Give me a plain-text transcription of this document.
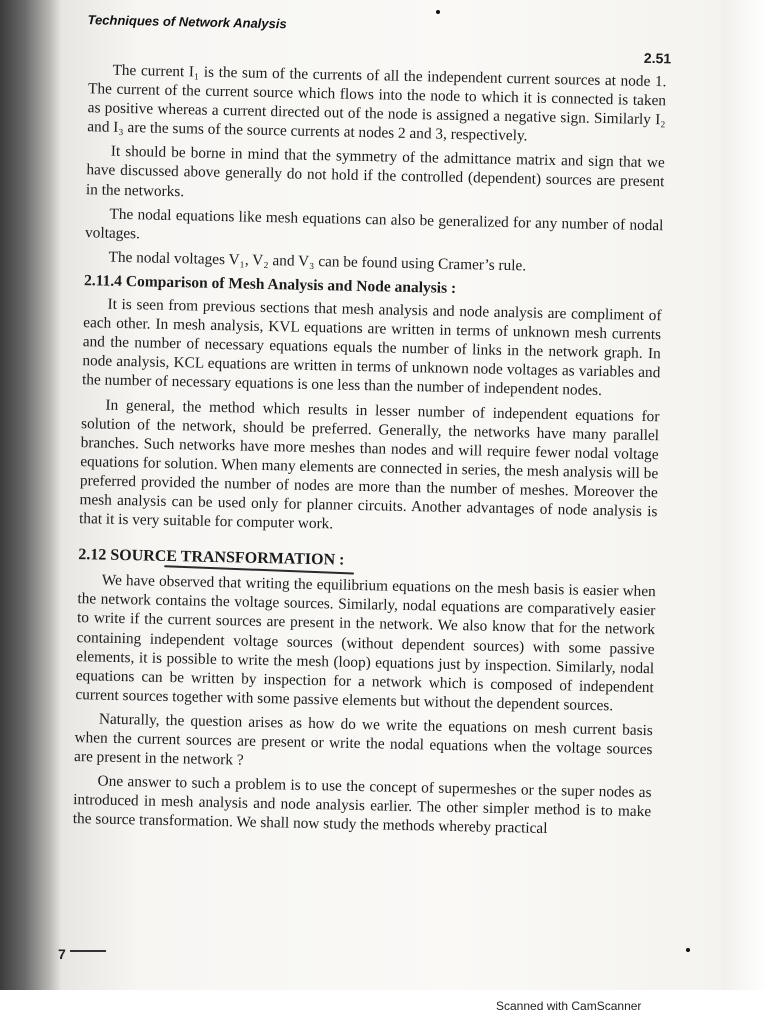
Techniques of Network Analysis
2.51

The current I₁ is the sum of the currents of all the independent current sources at node 1. The current of the current source which flows into the node to which it is connected is taken as positive whereas a current directed out of the node is assigned a negative sign. Similarly I₂ and I₃ are the sums of the source currents at nodes 2 and 3, respectively.

It should be borne in mind that the symmetry of the admittance matrix and sign that we have discussed above generally do not hold if the controlled (dependent) sources are present in the networks.

The nodal equations like mesh equations can also be generalized for any number of nodal voltages.

The nodal voltages V₁, V₂ and V₃ can be found using Cramer’s rule.

2.11.4 Comparison of Mesh Analysis and Node analysis :

It is seen from previous sections that mesh analysis and node analysis are compliment of each other. In mesh analysis, KVL equations are written in terms of unknown mesh currents and the number of necessary equations equals the number of links in the network graph. In node analysis, KCL equations are written in terms of unknown node voltages as variables and the number of necessary equations is one less than the number of independent nodes.

In general, the method which results in lesser number of independent equations for solution of the network, should be preferred. Generally, the networks have many parallel branches. Such networks have more meshes than nodes and will require fewer nodal voltage equations for solution. When many elements are connected in series, the mesh analysis will be preferred provided the number of nodes are more than the number of meshes. Moreover the mesh analysis can be used only for planner circuits. Another advantages of node analysis is that it is very suitable for computer work.

2.12 SOURCE TRANSFORMATION :

We have observed that writing the equilibrium equations on the mesh basis is easier when the network contains the voltage sources. Similarly, nodal equations are comparatively easier to write if the current sources are present in the network. We also know that for the network containing independent voltage sources (without dependent sources) with some passive elements, it is possible to write the mesh (loop) equations just by inspection. Similarly, nodal equations can be written by inspection for a network which is composed of independent current sources together with some passive elements but without the dependent sources.

Naturally, the question arises as how do we write the equations on mesh current basis when the current sources are present or write the nodal equations when the voltage sources are present in the network ?

One answer to such a problem is to use the concept of supermeshes or the super nodes as introduced in mesh analysis and node analysis earlier. The other simpler method is to make the source transformation. We shall now study the methods whereby practical

7
Scanned with CamScanner
